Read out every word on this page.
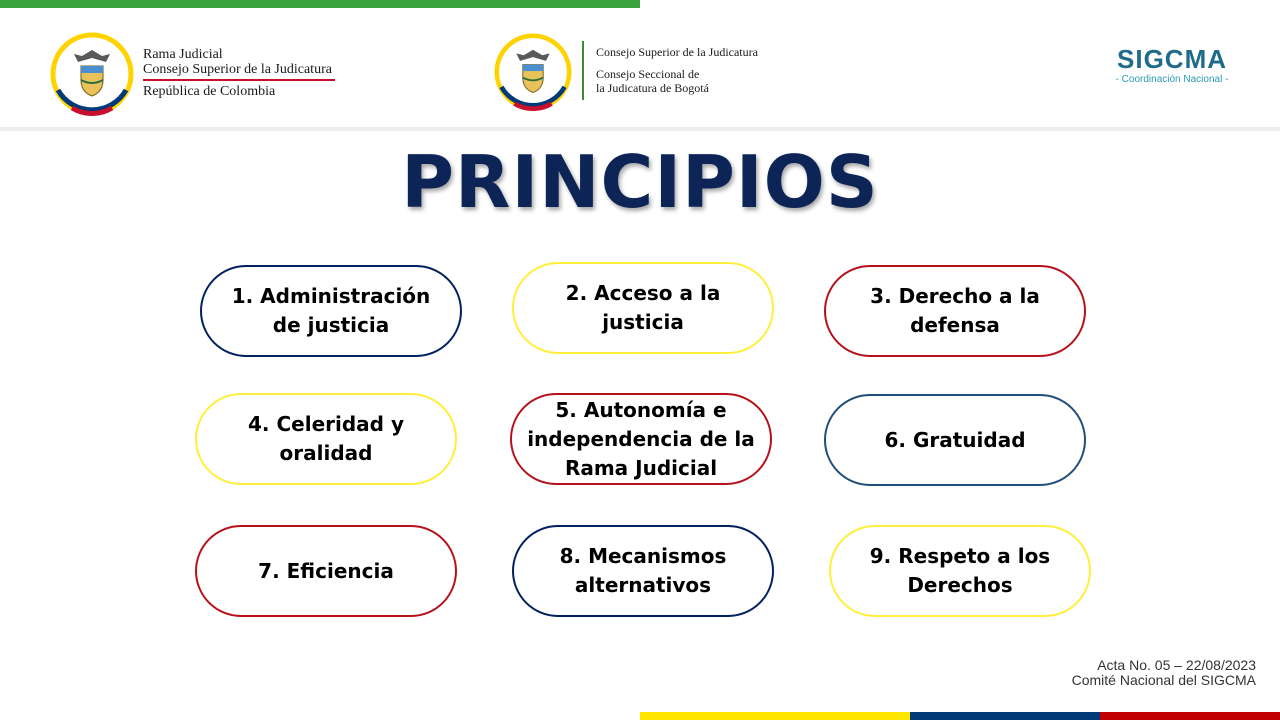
Rama Judicial
Consejo Superior de la Judicatura
República de Colombia
Consejo Superior de la Judicatura
Consejo Seccional de
la Judicatura de Bogotá
SIGCMA
- Coordinación Nacional -
PRINCIPIOS
1. Administración de justicia
2. Acceso a la justicia
3. Derecho a la defensa
4. Celeridad y oralidad
5. Autonomía e independencia de la Rama Judicial
6. Gratuidad
7. Eficiencia
8. Mecanismos alternativos
9. Respeto a los Derechos
Acta No. 05 – 22/08/2023
Comité Nacional del SIGCMA
